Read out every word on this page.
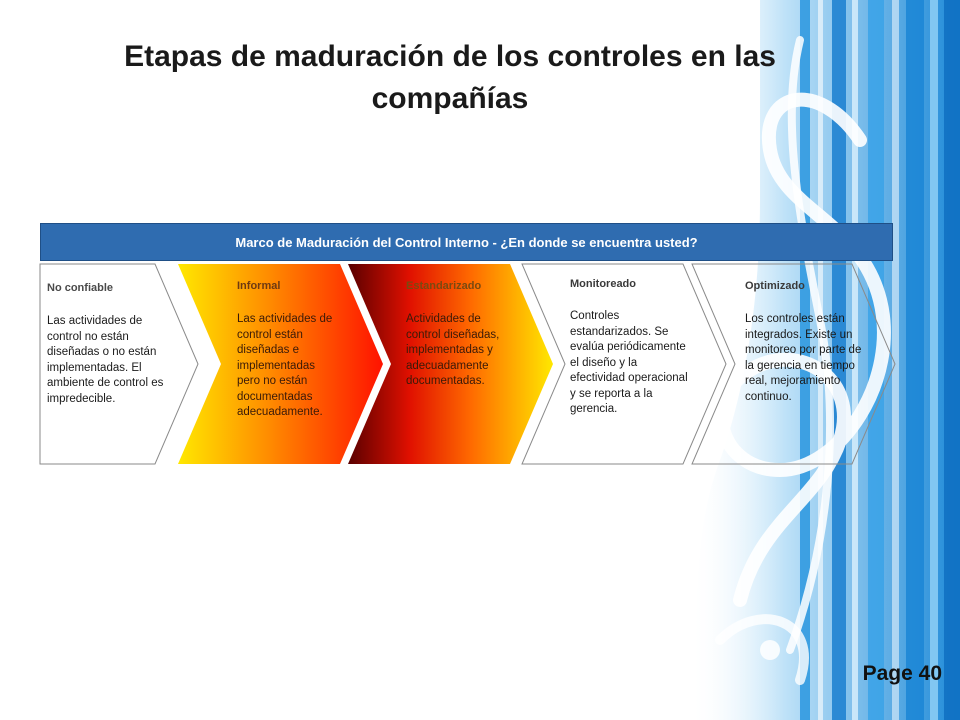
Etapas de maduración de los controles en las compañías
Marco de Maduración del Control Interno - ¿En donde se encuentra usted?
No confiable
Las actividades de control no están diseñadas o no están implementadas. El ambiente de control es impredecible.
Informal
Las actividades de control están diseñadas e implementadas pero no están documentadas adecuadamente.
Estandarizado
Actividades de control diseñadas, implementadas y adecuadamente documentadas.
Monitoreado
Controles estandarizados. Se evalúa periódicamente el diseño y la efectividad operacional y se reporta a la gerencia.
Optimizado
Los controles están integrados. Existe un monitoreo por parte de la gerencia en tiempo real, mejoramiento continuo.
Page 40
